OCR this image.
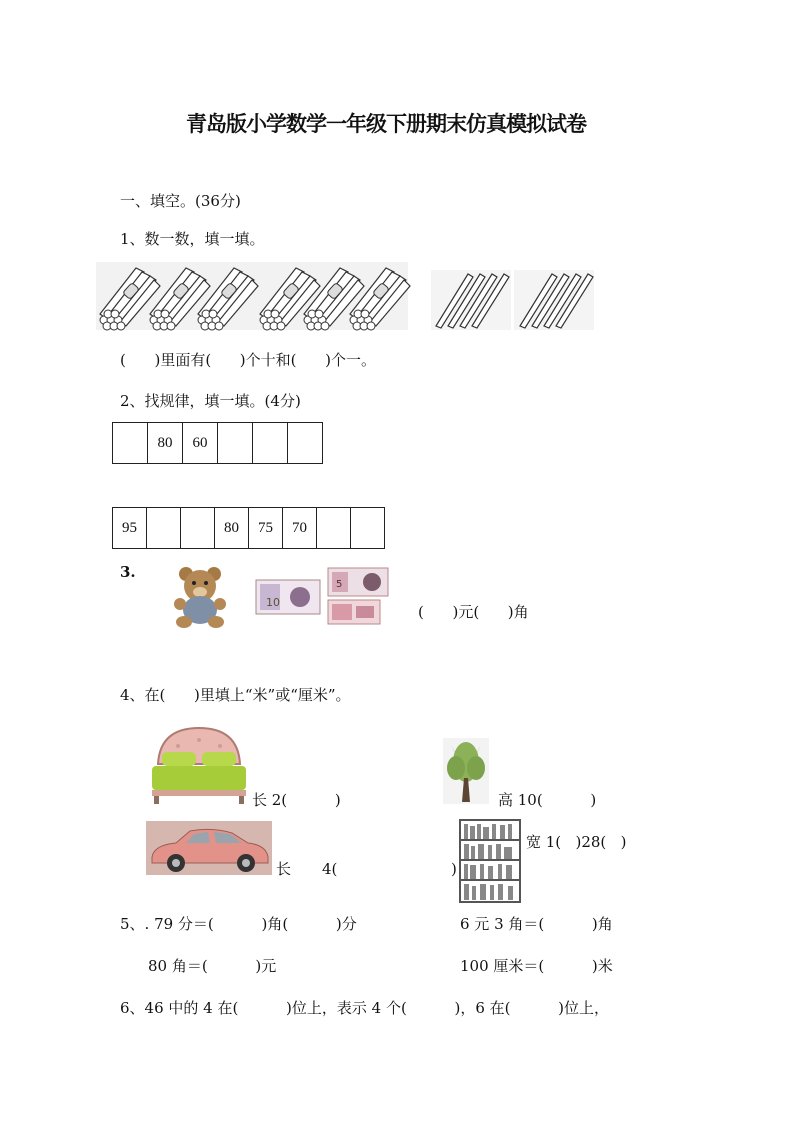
青岛版小学数学一年级下册期末仿真模拟试卷
一、填空。(36分)
1、数一数，填一填。
(      )里面有(      )个十和(      )个一。
2、找规律，填一填。(4分)
	80	60			
95			80	75	70		
3.
10
5
(      )元(      )角
4、在(      )里填上“米”或“厘米”。
长 2(          )	高 10(          )
长 4(	)
宽 1(   )28(   )
5、. 79 分＝(          )角(          )分	6 元 3 角＝(          )角
80 角＝(          )元	100 厘米＝(          )米
6、46 中的 4 在(          )位上，表示 4 个(          )，6 在(          )位上，
